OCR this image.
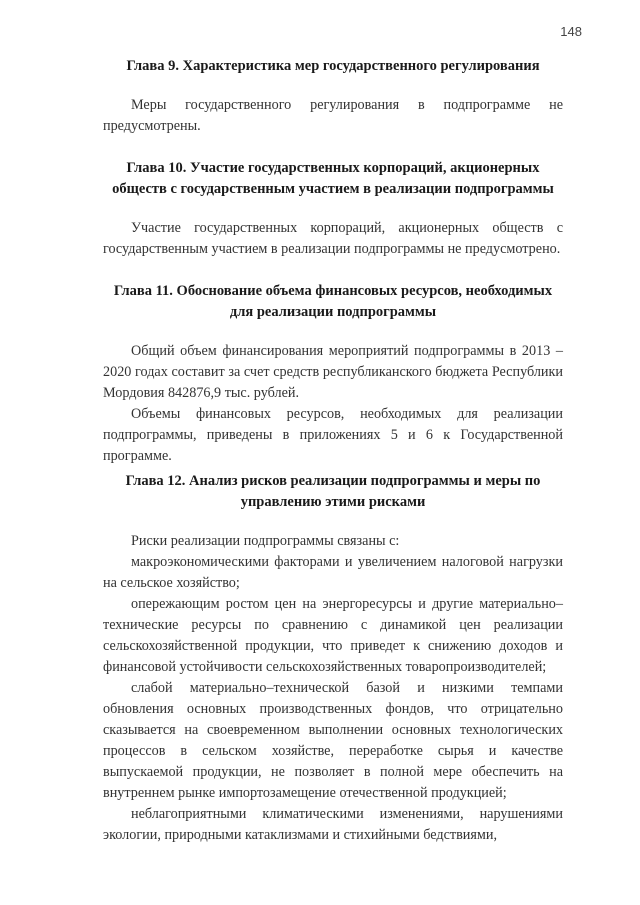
148
Глава 9. Характеристика мер государственного регулирования

Меры государственного регулирования в подпрограмме не предусмотрены.

Глава 10. Участие государственных корпораций, акционерных обществ с государственным участием в реализации подпрограммы

Участие государственных корпораций, акционерных обществ с государственным участием в реализации подпрограммы не предусмотрено.

Глава 11. Обоснование объема финансовых ресурсов, необходимых для реализации подпрограммы

Общий объем финансирования мероприятий подпрограммы в 2013 – 2020 годах составит за счет средств республиканского бюджета Республики Мордовия 842876,9 тыс. рублей.

Объемы финансовых ресурсов, необходимых для реализации подпрограммы, приведены в приложениях 5 и 6 к Государственной программе.

Глава 12. Анализ рисков реализации подпрограммы и меры по управлению этими рисками

Риски реализации подпрограммы связаны с:

макроэкономическими факторами и увеличением налоговой нагрузки на сельское хозяйство;

опережающим ростом цен на энергоресурсы и другие материально–технические ресурсы по сравнению с динамикой цен реализации сельскохозяйственной продукции, что приведет к снижению доходов и финансовой устойчивости сельскохозяйственных товаропроизводителей;

слабой материально–технической базой и низкими темпами обновления основных производственных фондов, что отрицательно сказывается на своевременном выполнении основных технологических процессов в сельском хозяйстве, переработке сырья и качестве выпускаемой продукции, не позволяет в полной мере обеспечить на внутреннем рынке импортозамещение отечественной продукцией;

неблагоприятными климатическими изменениями, нарушениями экологии, природными катаклизмами и стихийными бедствиями,
